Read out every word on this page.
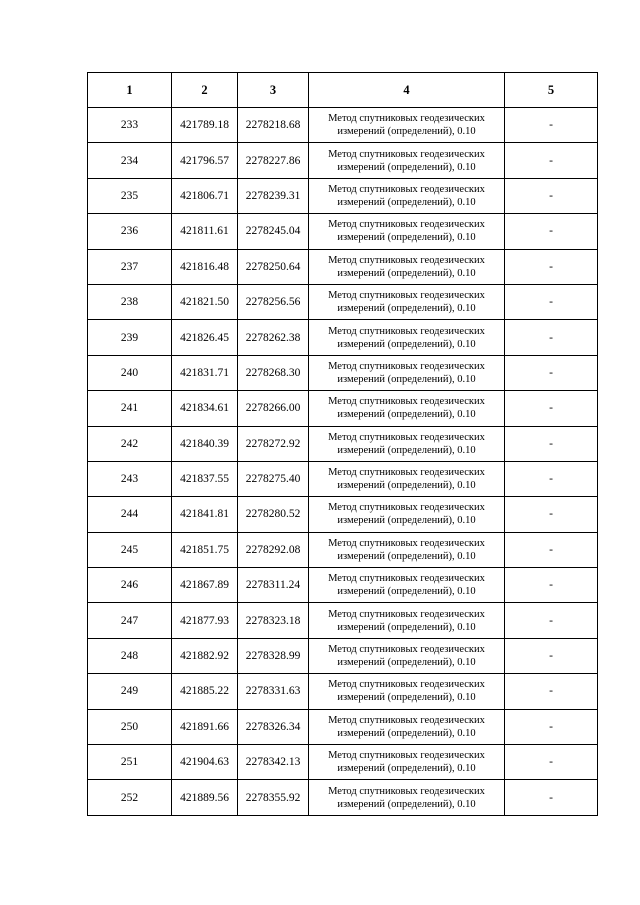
1	2	3	4	5
233	421789.18	2278218.68	Метод спутниковых геодезических
измерений (определений), 0.10	-
234	421796.57	2278227.86	Метод спутниковых геодезических
измерений (определений), 0.10	-
235	421806.71	2278239.31	Метод спутниковых геодезических
измерений (определений), 0.10	-
236	421811.61	2278245.04	Метод спутниковых геодезических
измерений (определений), 0.10	-
237	421816.48	2278250.64	Метод спутниковых геодезических
измерений (определений), 0.10	-
238	421821.50	2278256.56	Метод спутниковых геодезических
измерений (определений), 0.10	-
239	421826.45	2278262.38	Метод спутниковых геодезических
измерений (определений), 0.10	-
240	421831.71	2278268.30	Метод спутниковых геодезических
измерений (определений), 0.10	-
241	421834.61	2278266.00	Метод спутниковых геодезических
измерений (определений), 0.10	-
242	421840.39	2278272.92	Метод спутниковых геодезических
измерений (определений), 0.10	-
243	421837.55	2278275.40	Метод спутниковых геодезических
измерений (определений), 0.10	-
244	421841.81	2278280.52	Метод спутниковых геодезических
измерений (определений), 0.10	-
245	421851.75	2278292.08	Метод спутниковых геодезических
измерений (определений), 0.10	-
246	421867.89	2278311.24	Метод спутниковых геодезических
измерений (определений), 0.10	-
247	421877.93	2278323.18	Метод спутниковых геодезических
измерений (определений), 0.10	-
248	421882.92	2278328.99	Метод спутниковых геодезических
измерений (определений), 0.10	-
249	421885.22	2278331.63	Метод спутниковых геодезических
измерений (определений), 0.10	-
250	421891.66	2278326.34	Метод спутниковых геодезических
измерений (определений), 0.10	-
251	421904.63	2278342.13	Метод спутниковых геодезических
измерений (определений), 0.10	-
252	421889.56	2278355.92	Метод спутниковых геодезических
измерений (определений), 0.10	-
